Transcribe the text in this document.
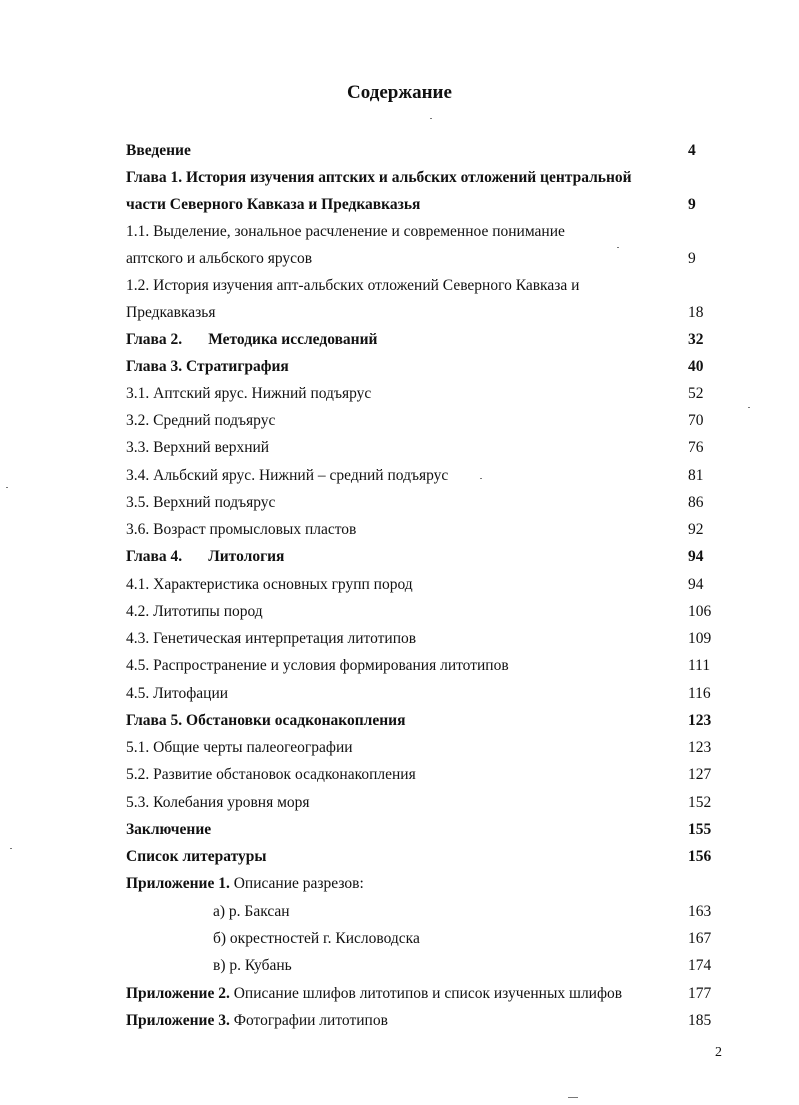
Содержание
Введение	4
Глава 1. История изучения аптских и альбских отложений центральной
части Северного Кавказа и Предкавказья	9
1.1. Выделение, зональное расчленение и современное понимание
аптского и альбского ярусов	9
1.2. История изучения апт-альбских отложений Северного Кавказа и
Предкавказья	18
Глава 2. Методика исследований	32
Глава 3. Стратиграфия	40
3.1. Аптский ярус. Нижний подъярус	52
3.2. Средний подъярус	70
3.3. Верхний верхний	76
3.4. Альбский ярус. Нижний – средний подъярус	81
3.5. Верхний подъярус	86
3.6. Возраст промысловых пластов	92
Глава 4. Литология	94
4.1. Характеристика основных групп пород	94
4.2. Литотипы пород	106
4.3. Генетическая интерпретация литотипов	109
4.5. Распространение и условия формирования литотипов	111
4.5. Литофации	116
Глава 5. Обстановки осадконакопления	123
5.1. Общие черты палеогеографии	123
5.2. Развитие обстановок осадконакопления	127
5.3. Колебания уровня моря	152
Заключение	155
Список литературы	156
Приложение 1. Описание разрезов:
а) р. Баксан	163
б) окрестностей г. Кисловодска	167
в) р. Кубань	174
Приложение 2. Описание шлифов литотипов и список изученных шлифов	177
Приложение 3. Фотографии литотипов	185
2
